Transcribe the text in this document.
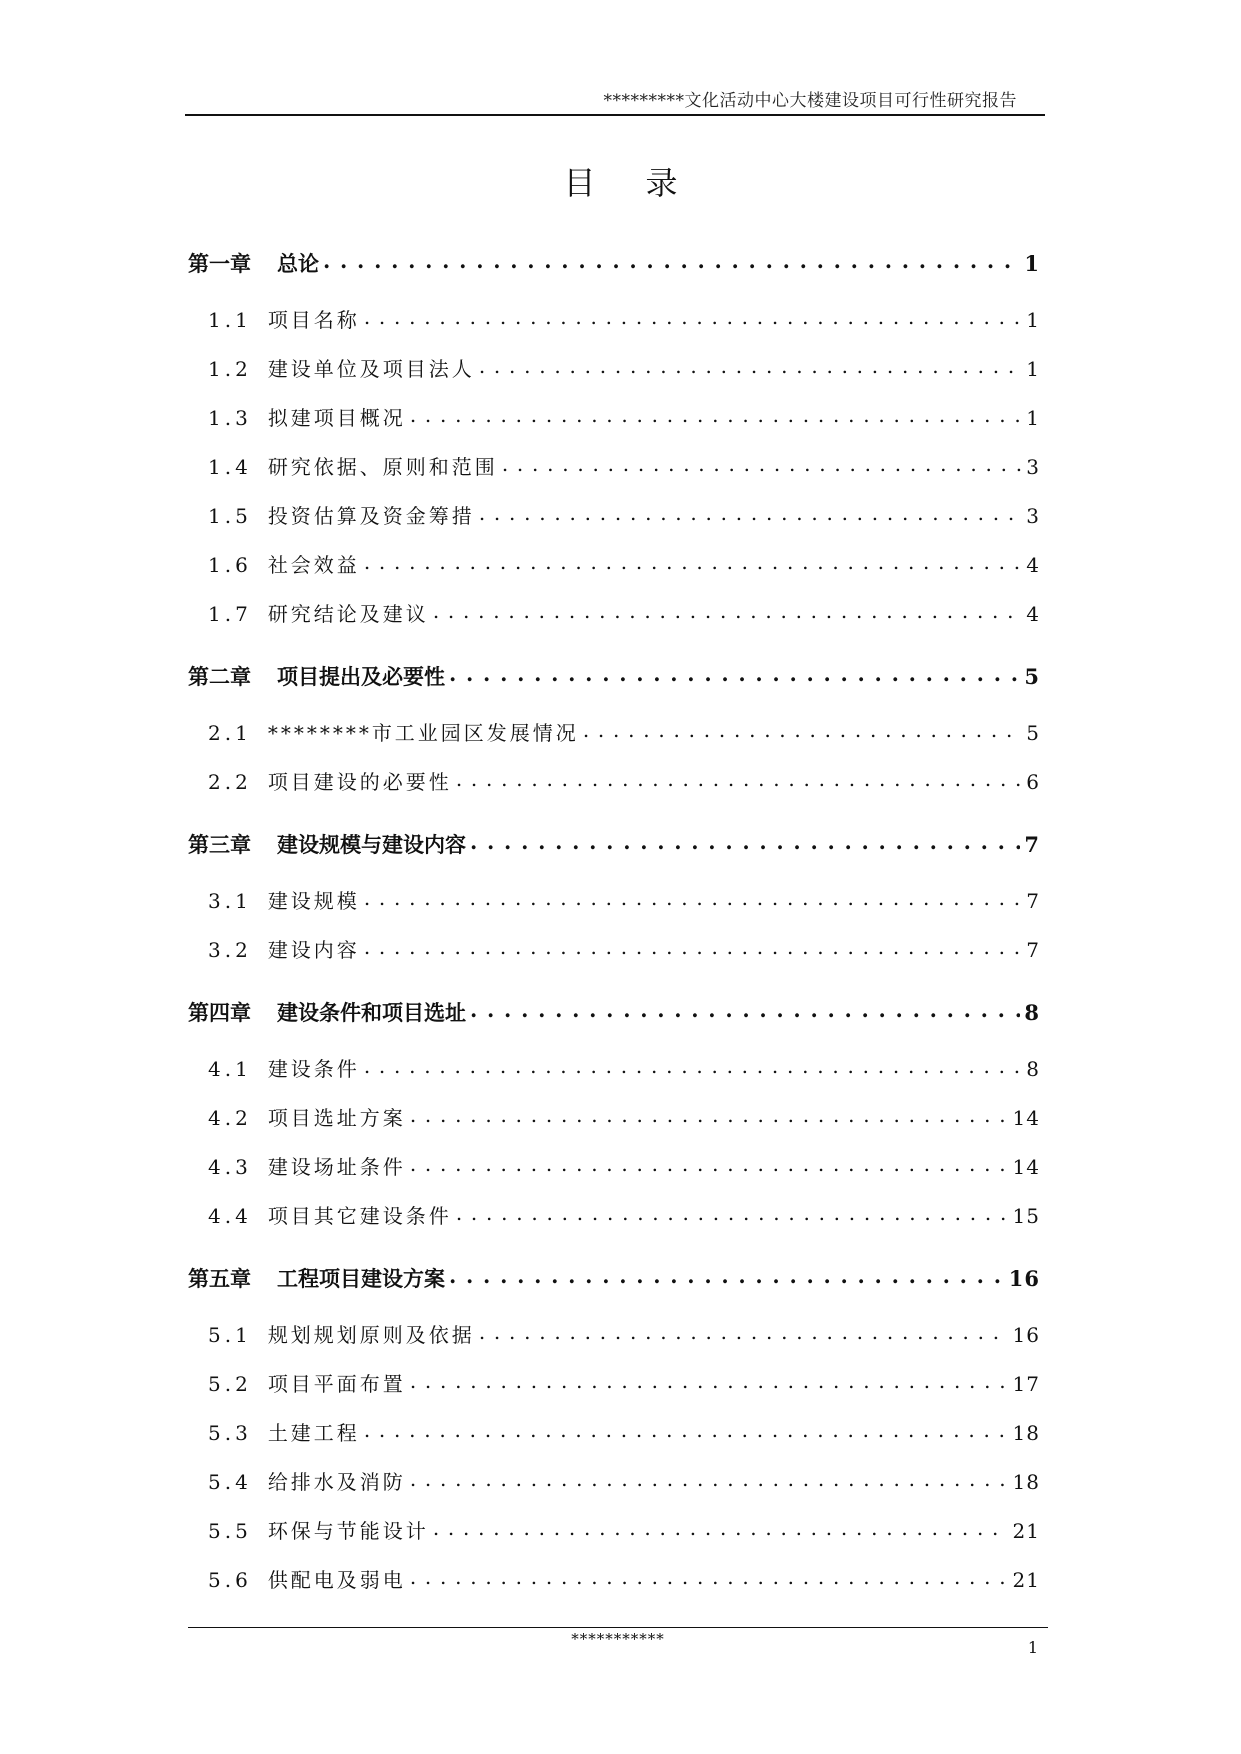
*********文化活动中心大楼建设项目可行性研究报告
目录
第一章 总论 . . .	1
1.1 项目名称 . . .	1
1.2 建设单位及项目法人 . . .	1
1.3 拟建项目概况 . . .	1
1.4 研究依据、原则和范围 . . .	3
1.5 投资估算及资金筹措 . . .	3
1.6 社会效益 . . .	4
1.7 研究结论及建议 . . .	4
第二章 项目提出及必要性 . . .	5
2.1 ********市工业园区发展情况 . . .	5
2.2 项目建设的必要性 . . .	6
第三章 建设规模与建设内容 . . .	7
3.1 建设规模 . . .	7
3.2 建设内容 . . .	7
第四章 建设条件和项目选址 . . .	8
4.1 建设条件 . . .	8
4.2 项目选址方案 . . .	14
4.3 建设场址条件 . . .	14
4.4 项目其它建设条件 . . .	15
第五章 工程项目建设方案 . . .	16
5.1 规划规划原则及依据 . . .	16
5.2 项目平面布置 . . .	17
5.3 土建工程 . . .	18
5.4 给排水及消防 . . .	18
5.5 环保与节能设计 . . .	21
5.6 供配电及弱电 . . .	21
***********	1
